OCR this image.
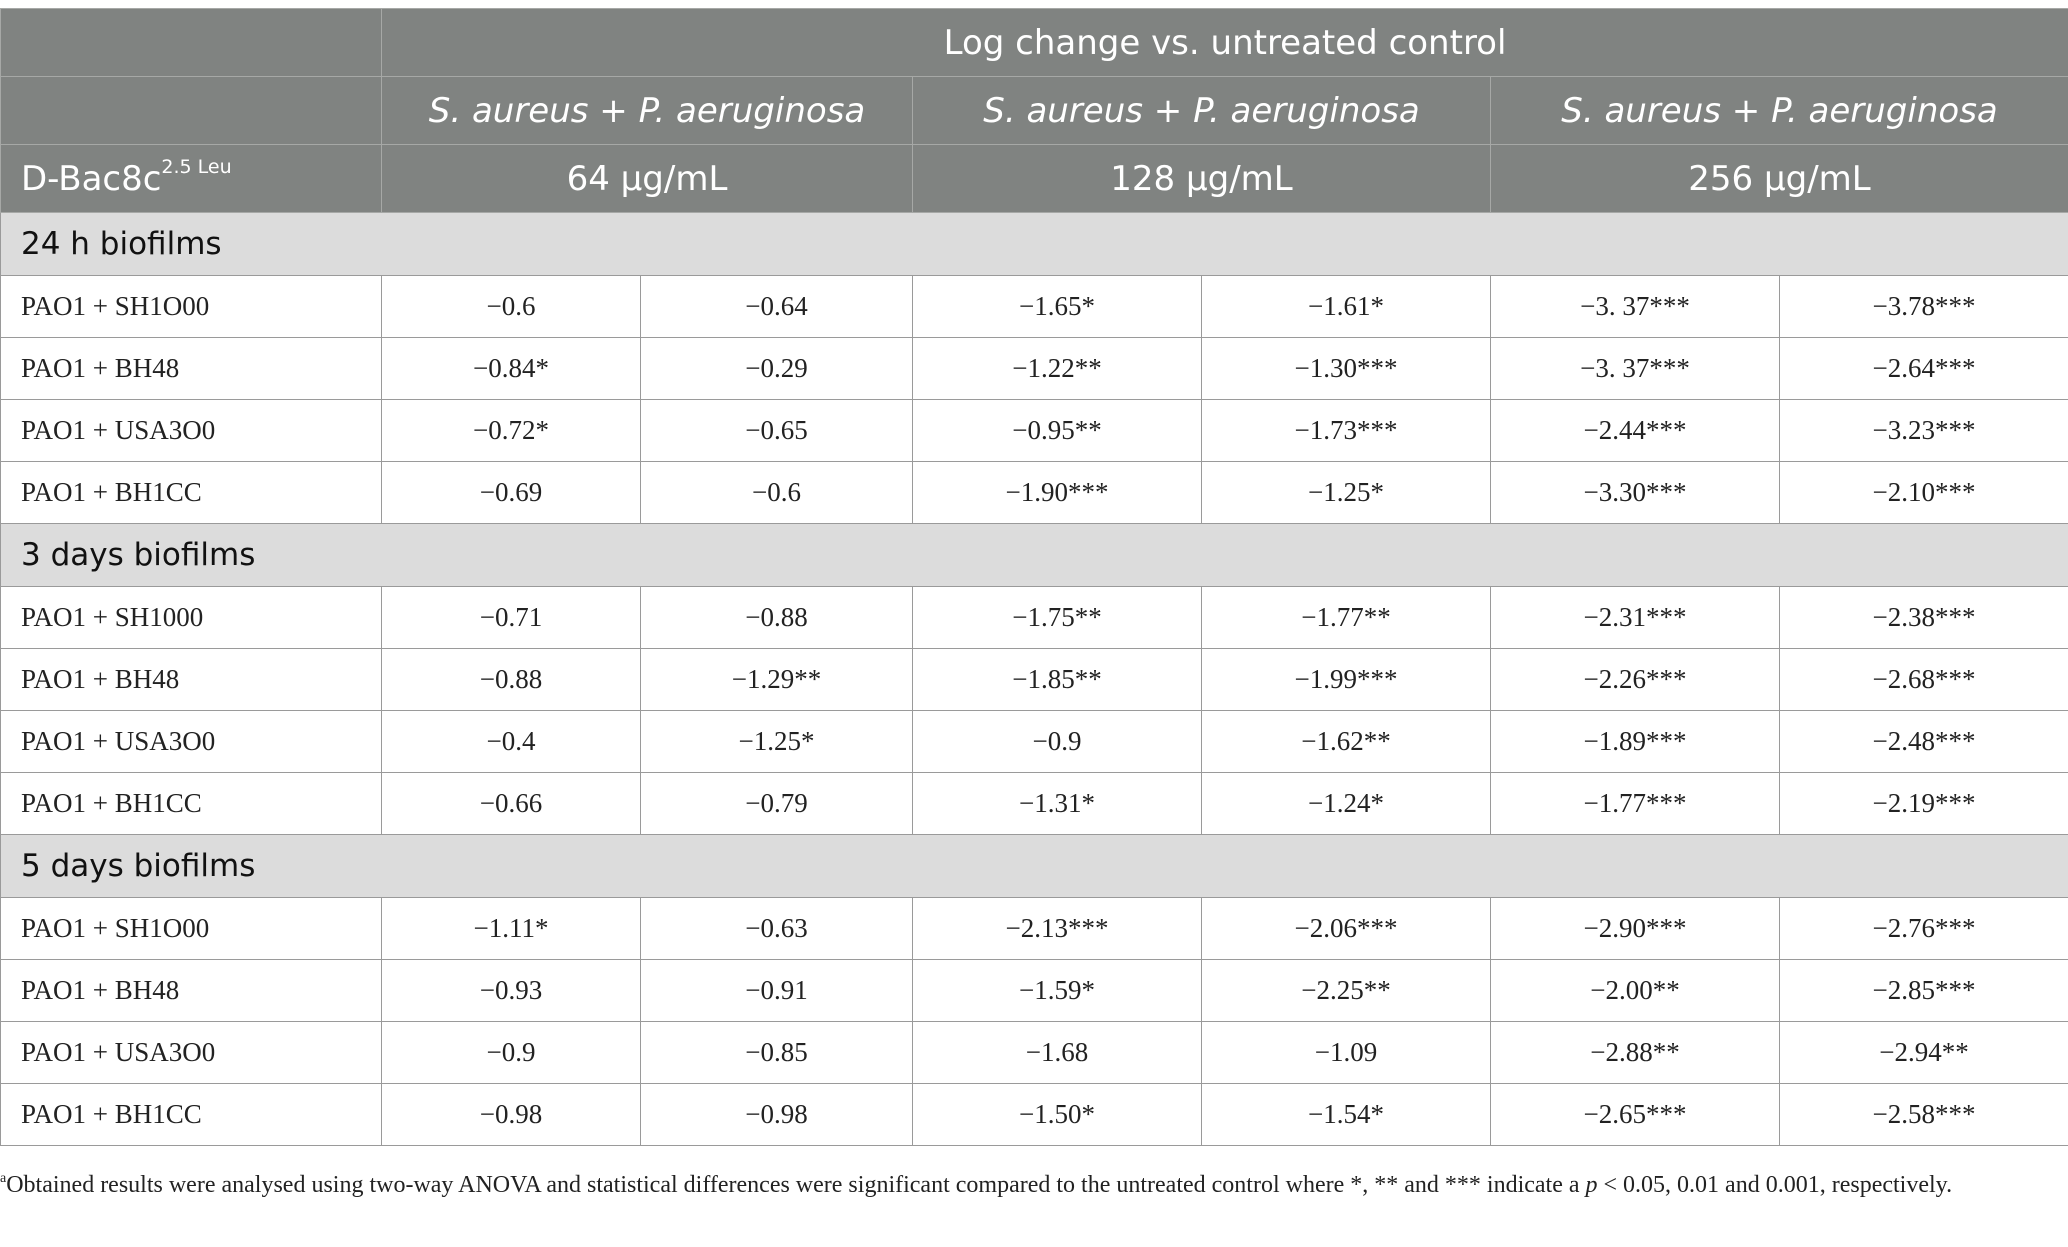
	Log change vs. untreated control					
	S. aureus + P. aeruginosa		S. aureus + P. aeruginosa		S. aureus + P. aeruginosa	
$D-Bac8c^{2.5 Leu}$	64 μg/mL		128 μg/mL		256 μg/mL	
24 h biofilms						
PAO1 + SH1O00	−0.6	−0.64	−1.65*	−1.61*	−3. 37***	−3.78***
PAO1 + BH48	−0.84*	−0.29	−1.22**	−1.30***	−3. 37***	−2.64***
PAO1 + USA3O0	−0.72*	−0.65	−0.95**	−1.73***	−2.44***	−3.23***
PAO1 + BH1CC	−0.69	−0.6	−1.90***	−1.25*	−3.30***	−2.10***
3 days biofilms						
PAO1 + SH1000	−0.71	−0.88	−1.75**	−1.77**	−2.31***	−2.38***
PAO1 + BH48	−0.88	−1.29**	−1.85**	−1.99***	−2.26***	−2.68***
PAO1 + USA3O0	−0.4	−1.25*	−0.9	−1.62**	−1.89***	−2.48***
PAO1 + BH1CC	−0.66	−0.79	−1.31*	−1.24*	−1.77***	−2.19***
5 days biofilms						
PAO1 + SH1O00	−1.11*	−0.63	−2.13***	−2.06***	−2.90***	−2.76***
PAO1 + BH48	−0.93	−0.91	−1.59*	−2.25**	−2.00**	−2.85***
PAO1 + USA3O0	−0.9	−0.85	−1.68	−1.09	−2.88**	−2.94**
PAO1 + BH1CC	−0.98	−0.98	−1.50*	−1.54*	−2.65***	−2.58***
$^a$Obtained results were analysed using two-way ANOVA and statistical differences were significant compared to the untreated control where *, ** and *** indicate a p < 0.05, 0.01 and 0.001, respectively.
